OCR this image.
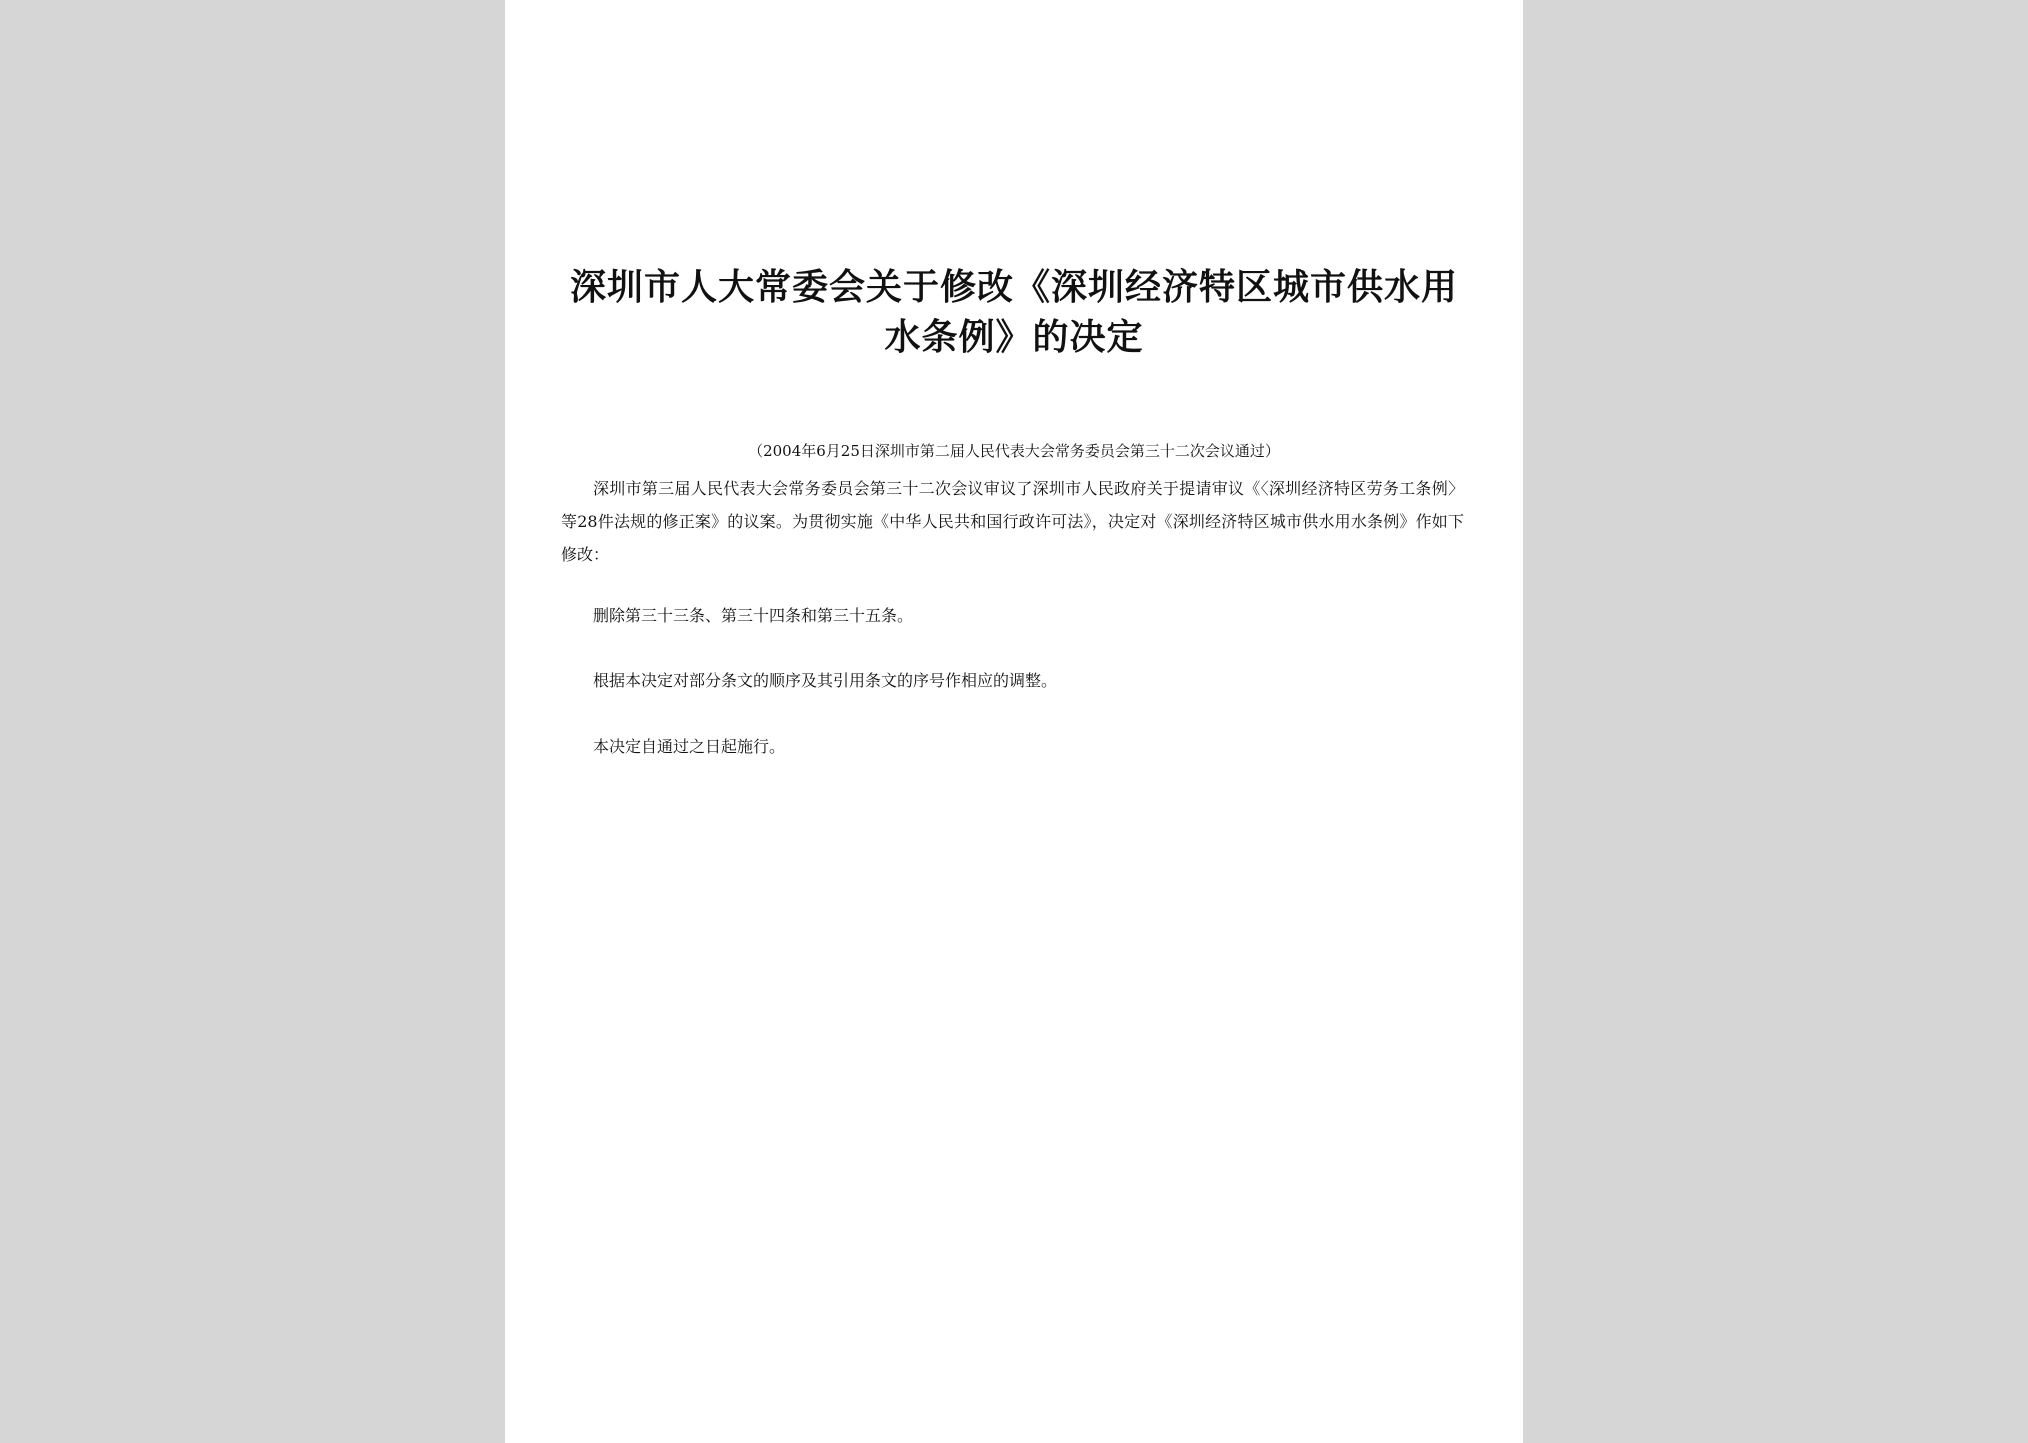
深圳市人大常委会关于修改《深圳经济特区城市供水用
水条例》的决定

（2004年6月25日深圳市第二届人民代表大会常务委员会第三十二次会议通过）

深圳市第三届人民代表大会常务委员会第三十二次会议审议了深圳市人民政府关于提请审议《〈深圳经济特区劳务工条例〉等28件法规的修正案》的议案。为贯彻实施《中华人民共和国行政许可法》，决定对《深圳经济特区城市供水用水条例》作如下修改：

删除第三十三条、第三十四条和第三十五条。

根据本决定对部分条文的顺序及其引用条文的序号作相应的调整。

本决定自通过之日起施行。
